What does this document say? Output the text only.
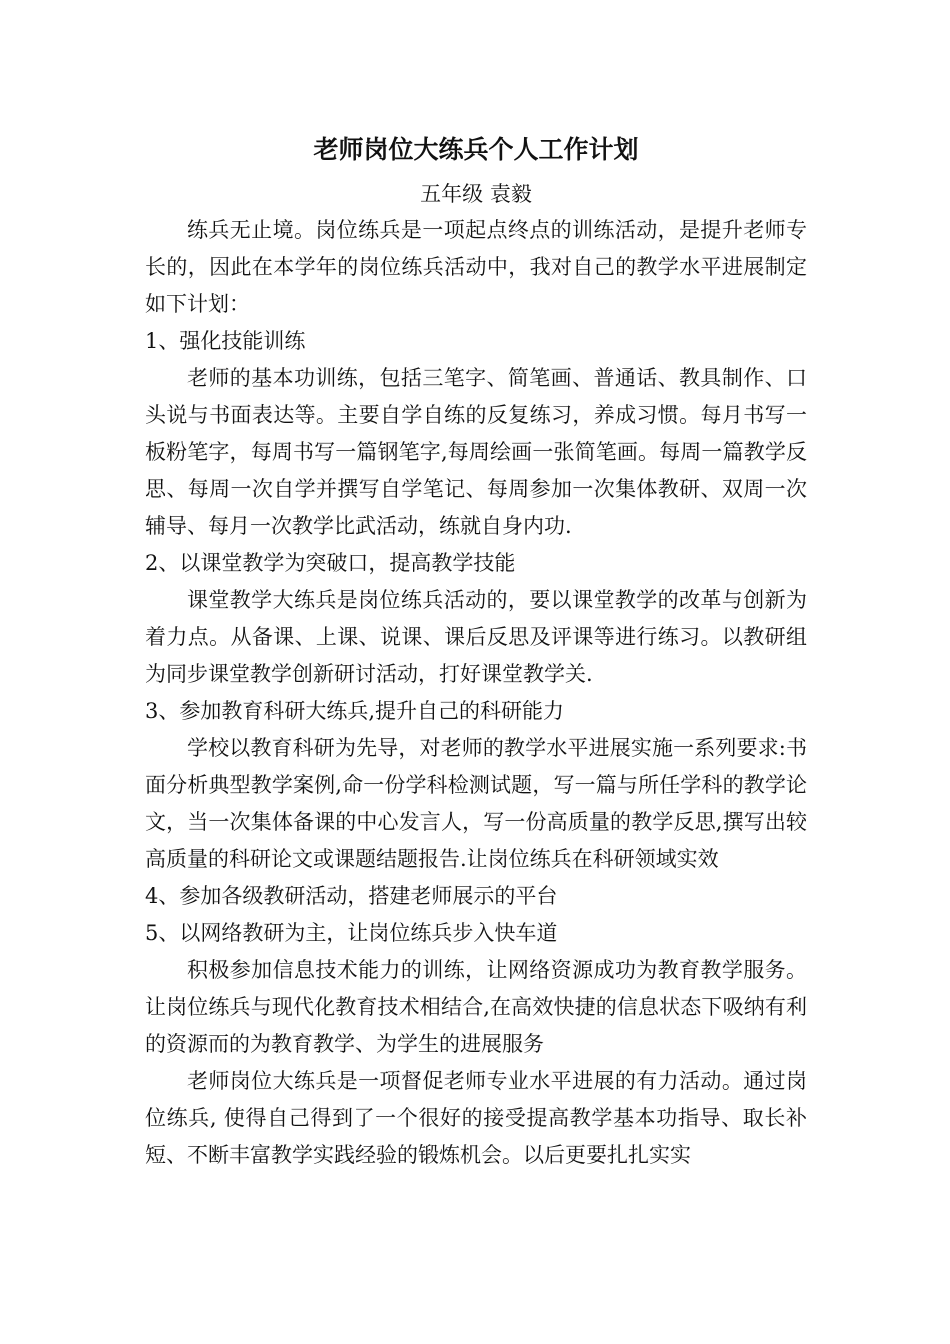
老师岗位大练兵个人工作计划
五年级 袁毅

练兵无止境。岗位练兵是一项起点终点的训练活动，是提升老师专长的，因此在本学年的岗位练兵活动中，我对自己的教学水平进展制定如下计划：

1、强化技能训练

老师的基本功训练，包括三笔字、简笔画、普通话、教具制作、口头说与书面表达等。主要自学自练的反复练习，养成习惯。每月书写一板粉笔字，每周书写一篇钢笔字,每周绘画一张简笔画。每周一篇教学反思、每周一次自学并撰写自学笔记、每周参加一次集体教研、双周一次辅导、每月一次教学比武活动，练就自身内功.

2、以课堂教学为突破口，提高教学技能

课堂教学大练兵是岗位练兵活动的，要以课堂教学的改革与创新为着力点。从备课、上课、说课、课后反思及评课等进行练习。以教研组为同步课堂教学创新研讨活动，打好课堂教学关.

3、参加教育科研大练兵,提升自己的科研能力

学校以教育科研为先导，对老师的教学水平进展实施一系列要求:书面分析典型教学案例,命一份学科检测试题，写一篇与所任学科的教学论文，当一次集体备课的中心发言人，写一份高质量的教学反思,撰写出较高质量的科研论文或课题结题报告.让岗位练兵在科研领域实效

4、参加各级教研活动，搭建老师展示的平台

5、以网络教研为主，让岗位练兵步入快车道

积极参加信息技术能力的训练，让网络资源成功为教育教学服务。让岗位练兵与现代化教育技术相结合,在高效快捷的信息状态下吸纳有利的资源而的为教育教学、为学生的进展服务

老师岗位大练兵是一项督促老师专业水平进展的有力活动。通过岗位练兵, 使得自己得到了一个很好的接受提高教学基本功指导、取长补短、不断丰富教学实践经验的锻炼机会。以后更要扎扎实实
